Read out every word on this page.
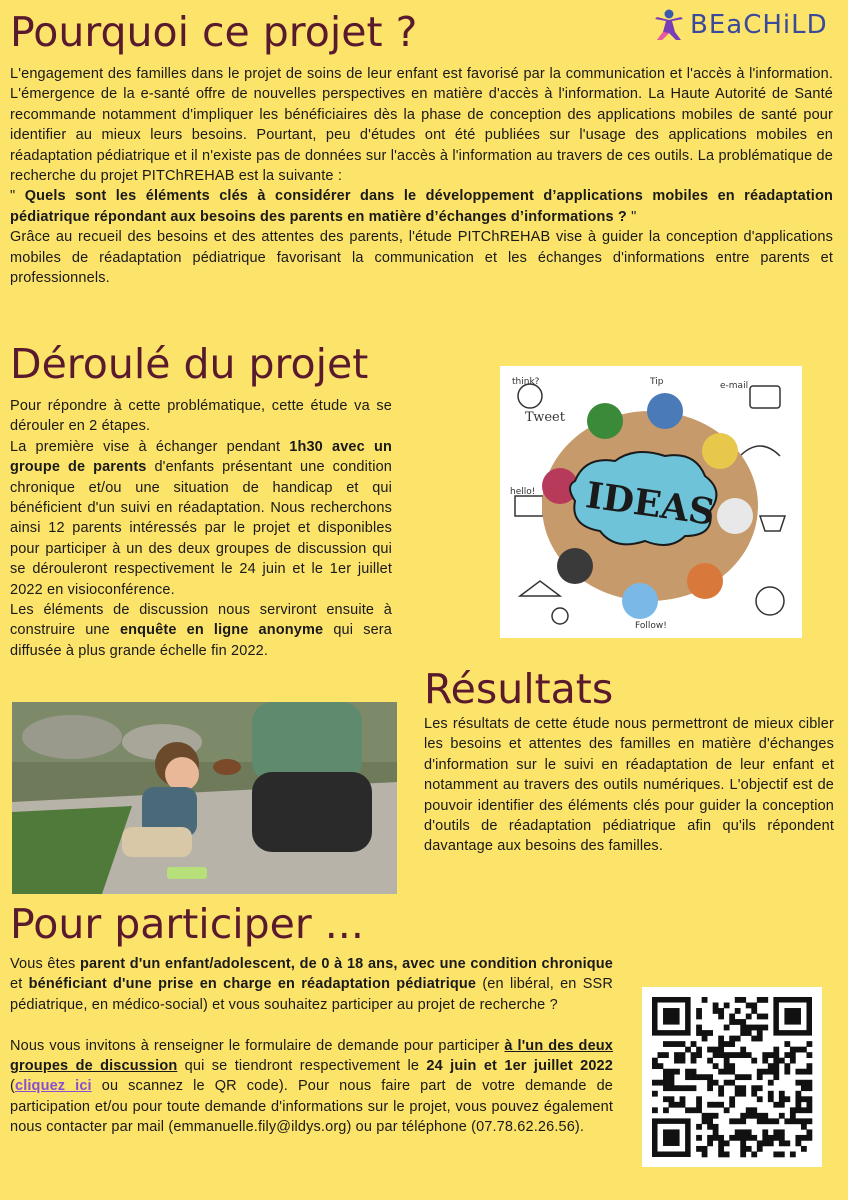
BEaCHiLD
Pourquoi ce projet ?
L'engagement des familles dans le projet de soins de leur enfant est favorisé par la communication et l'accès à l'information. L'émergence de la e-santé offre de nouvelles perspectives en matière d'accès à l'information. La Haute Autorité de Santé recommande notamment d'impliquer les bénéficiaires dès la phase de conception des applications mobiles de santé pour identifier au mieux leurs besoins. Pourtant, peu d'études ont été publiées sur l'usage des applications mobiles en réadaptation pédiatrique et il n'existe pas de données sur l'accès à l'information au travers de ces outils. La problématique de recherche du projet PITChREHAB est la suivante :
" Quels sont les éléments clés à considérer dans le développement d’applications mobiles en réadaptation pédiatrique répondant aux besoins des parents en matière d’échanges d’informations ? "
Grâce au recueil des besoins et des attentes des parents, l'étude PITChREHAB vise à guider la conception d'applications mobiles de réadaptation pédiatrique favorisant la communication et les échanges d'informations entre parents et professionnels.
Déroulé du projet
Pour répondre à cette problématique, cette étude va se dérouler en 2 étapes.
La première vise à échanger pendant 1h30 avec un groupe de parents d'enfants présentant une condition chronique et/ou une situation de handicap et qui bénéficient d'un suivi en réadaptation. Nous recherchons ainsi 12 parents intéressés par le projet et disponibles pour participer à un des deux groupes de discussion qui se dérouleront respectivement le 24 juin et le 1er juillet 2022 en visioconférence.
Les éléments de discussion nous serviront ensuite à construire une enquête en ligne anonyme qui sera diffusée à plus grande échelle fin 2022.
Tweet
think?
hello!
Follow!
e-mail
Tip
IDEAS
Résultats
Les résultats de cette étude nous permettront de mieux cibler les besoins et attentes des familles en matière d'échanges d'information sur le suivi en réadaptation de leur enfant et notamment au travers des outils numériques. L'objectif est de pouvoir identifier des éléments clés pour guider la conception d'outils de réadaptation pédiatrique afin qu'ils répondent davantage aux besoins des familles.
Pour participer ...
Vous êtes parent d'un enfant/adolescent, de 0 à 18 ans, avec une condition chronique et bénéficiant d'une prise en charge en réadaptation pédiatrique (en libéral, en SSR pédiatrique, en médico-social) et vous souhaitez participer au projet de recherche ?

Nous vous invitons à renseigner le formulaire de demande pour participer à l'un des deux groupes de discussion qui se tiendront respectivement le 24 juin et 1er juillet 2022 (cliquez ici ou scannez le QR code). Pour nous faire part de votre demande de participation et/ou pour toute demande d'informations sur le projet, vous pouvez également nous contacter par mail (emmanuelle.fily@ildys.org) ou par téléphone (07.78.62.26.56).
